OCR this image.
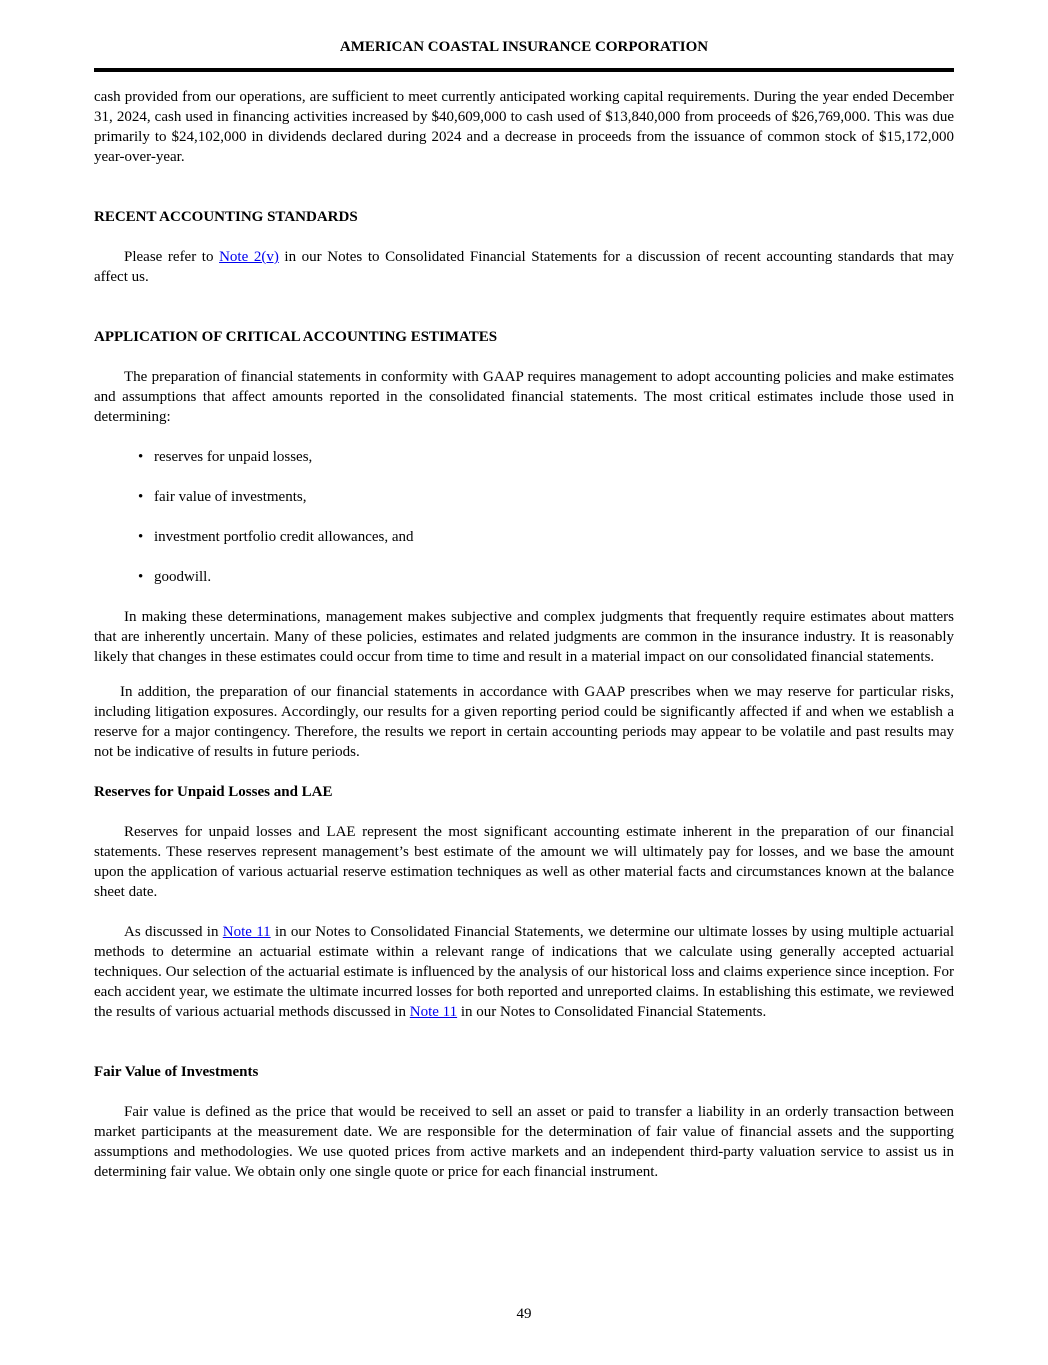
AMERICAN COASTAL INSURANCE CORPORATION

cash provided from our operations, are sufficient to meet currently anticipated working capital requirements. During the year ended December 31, 2024, cash used in financing activities increased by $40,609,000 to cash used of $13,840,000 from proceeds of $26,769,000. This was due primarily to $24,102,000 in dividends declared during 2024 and a decrease in proceeds from the issuance of common stock of $15,172,000 year-over-year.

RECENT ACCOUNTING STANDARDS

Please refer to Note 2(v) in our Notes to Consolidated Financial Statements for a discussion of recent accounting standards that may affect us.

APPLICATION OF CRITICAL ACCOUNTING ESTIMATES

The preparation of financial statements in conformity with GAAP requires management to adopt accounting policies and make estimates and assumptions that affect amounts reported in the consolidated financial statements. The most critical estimates include those used in determining:

• reserves for unpaid losses,
• fair value of investments,
• investment portfolio credit allowances, and
• goodwill.

In making these determinations, management makes subjective and complex judgments that frequently require estimates about matters that are inherently uncertain. Many of these policies, estimates and related judgments are common in the insurance industry. It is reasonably likely that changes in these estimates could occur from time to time and result in a material impact on our consolidated financial statements.

In addition, the preparation of our financial statements in accordance with GAAP prescribes when we may reserve for particular risks, including litigation exposures. Accordingly, our results for a given reporting period could be significantly affected if and when we establish a reserve for a major contingency. Therefore, the results we report in certain accounting periods may appear to be volatile and past results may not be indicative of results in future periods.

Reserves for Unpaid Losses and LAE

Reserves for unpaid losses and LAE represent the most significant accounting estimate inherent in the preparation of our financial statements. These reserves represent management’s best estimate of the amount we will ultimately pay for losses, and we base the amount upon the application of various actuarial reserve estimation techniques as well as other material facts and circumstances known at the balance sheet date.

As discussed in Note 11 in our Notes to Consolidated Financial Statements, we determine our ultimate losses by using multiple actuarial methods to determine an actuarial estimate within a relevant range of indications that we calculate using generally accepted actuarial techniques. Our selection of the actuarial estimate is influenced by the analysis of our historical loss and claims experience since inception. For each accident year, we estimate the ultimate incurred losses for both reported and unreported claims. In establishing this estimate, we reviewed the results of various actuarial methods discussed in Note 11 in our Notes to Consolidated Financial Statements.

Fair Value of Investments

Fair value is defined as the price that would be received to sell an asset or paid to transfer a liability in an orderly transaction between market participants at the measurement date. We are responsible for the determination of fair value of financial assets and the supporting assumptions and methodologies. We use quoted prices from active markets and an independent third-party valuation service to assist us in determining fair value. We obtain only one single quote or price for each financial instrument.

49
